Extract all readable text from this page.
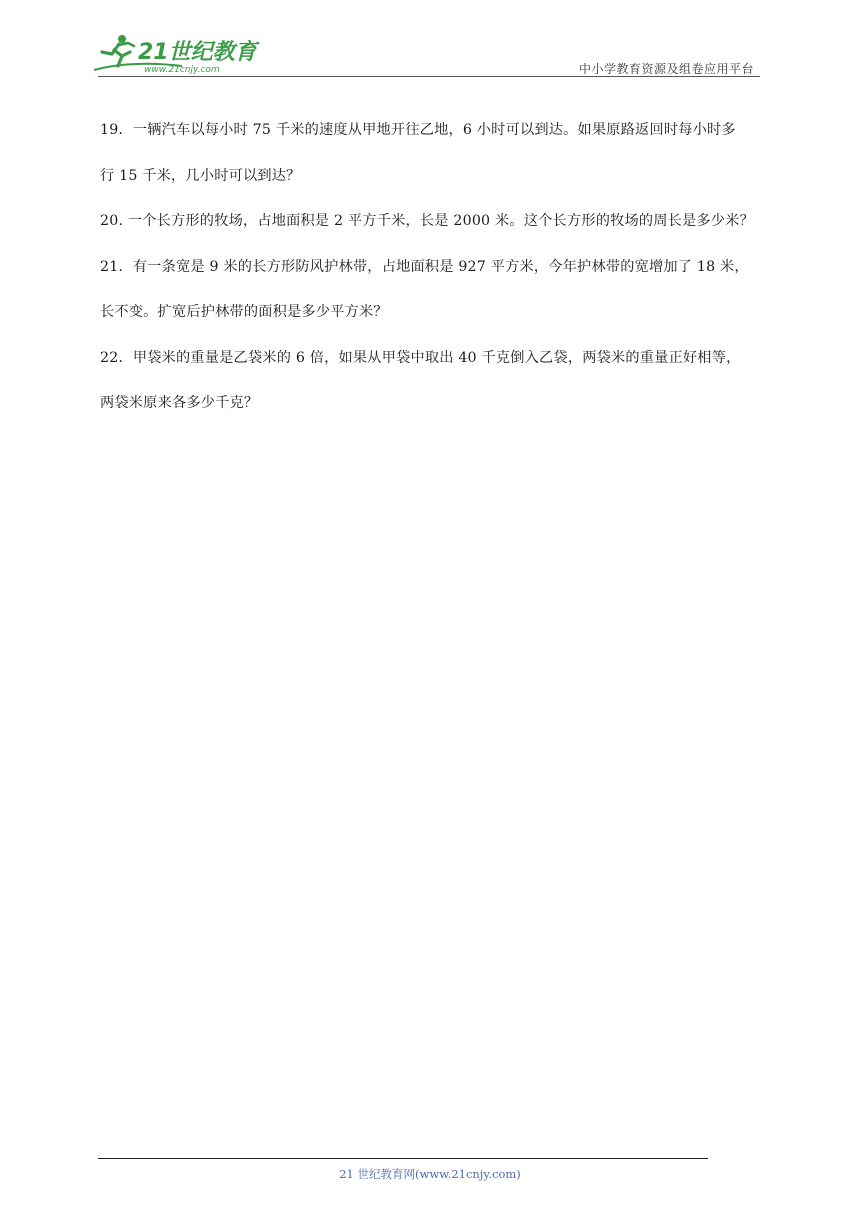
21世纪教育
www.21cnjy.com	中小学教育资源及组卷应用平台

19．一辆汽车以每小时 75 千米的速度从甲地开往乙地，6 小时可以到达。如果原路返回时每小时多

行 15 千米，几小时可以到达？

20. 一个长方形的牧场，占地面积是 2 平方千米，长是 2000 米。这个长方形的牧场的周长是多少米？

21．有一条宽是 9 米的长方形防风护林带，占地面积是 927 平方米，今年护林带的宽增加了 18 米，

长不变。扩宽后护林带的面积是多少平方米？

22．甲袋米的重量是乙袋米的 6 倍，如果从甲袋中取出 40 千克倒入乙袋，两袋米的重量正好相等，

两袋米原来各多少千克？

21 世纪教育网(www.21cnjy.com)
